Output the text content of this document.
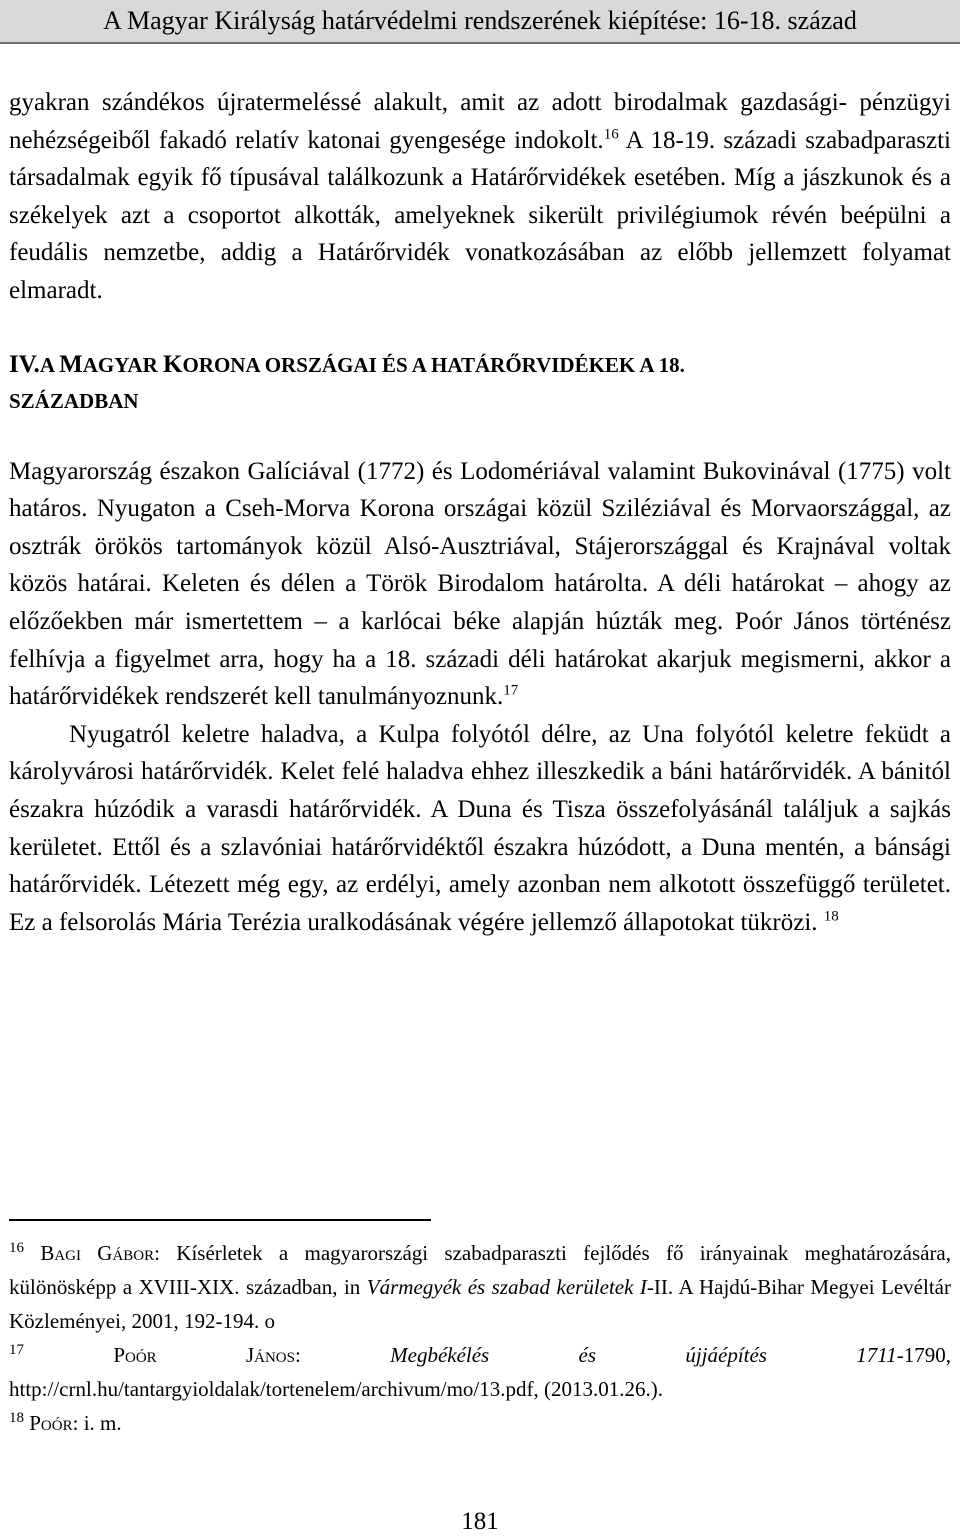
A Magyar Királyság határvédelmi rendszerének kiépítése: 16-18. század

gyakran szándékos újratermeléssé alakult, amit az adott birodalmak gazdasági- pénzügyi nehézségeiből fakadó relatív katonai gyengesége indokolt.$^{16}$ A 18-19. századi szabadparaszti társadalmak egyik fő típusával találkozunk a Határőrvidékek esetében. Míg a jászkunok és a székelyek azt a csoportot alkották, amelyeknek sikerült privilégiumok révén beépülni a feudális nemzetbe, addig a Határőrvidék vonatkozásában az előbb jellemzett folyamat elmaradt.

IV.A MAGYAR KORONA ORSZÁGAI ÉS A HATÁRŐRVIDÉKEK A 18.
SZÁZADBAN

Magyarország északon Galíciával (1772) és Lodomériával valamint Bukovinával (1775) volt határos. Nyugaton a Cseh-Morva Korona országai közül Sziléziával és Morvaországgal, az osztrák örökös tartományok közül Alsó-Ausztriával, Stájerországgal és Krajnával voltak közös határai. Keleten és délen a Török Birodalom határolta. A déli határokat – ahogy az előzőekben már ismertettem – a karlócai béke alapján húzták meg. Poór János történész felhívja a figyelmet arra, hogy ha a 18. századi déli határokat akarjuk megismerni, akkor a határőrvidékek rendszerét kell tanulmányoznunk.$^{17}$

Nyugatról keletre haladva, a Kulpa folyótól délre, az Una folyótól keletre feküdt a károlyvárosi határőrvidék. Kelet felé haladva ehhez illeszkedik a báni határőrvidék. A bánitól északra húzódik a varasdi határőrvidék. A Duna és Tisza összefolyásánál találjuk a sajkás kerületet. Ettől és a szlavóniai határőrvidéktől északra húzódott, a Duna mentén, a bánsági határőrvidék. Létezett még egy, az erdélyi, amely azonban nem alkotott összefüggő területet. Ez a felsorolás Mária Terézia uralkodásának végére jellemző állapotokat tükrözi. $^{18}$

$^{16}$ Bagi Gábor: Kísérletek a magyarországi szabadparaszti fejlődés fő irányainak meghatározására, különösképp a XVIII-XIX. században, in Vármegyék és szabad kerületek I-II. A Hajdú-Bihar Megyei Levéltár Közleményei, 2001, 192-194. o

$^{17}$	Poór János: Megbékélés és újjáépítés 1711-1790, http://crnl.hu/tantargyioldalak/tortenelem/archivum/mo/13.pdf, (2013.01.26.).

$^{18}$ Poór: i. m.

181
